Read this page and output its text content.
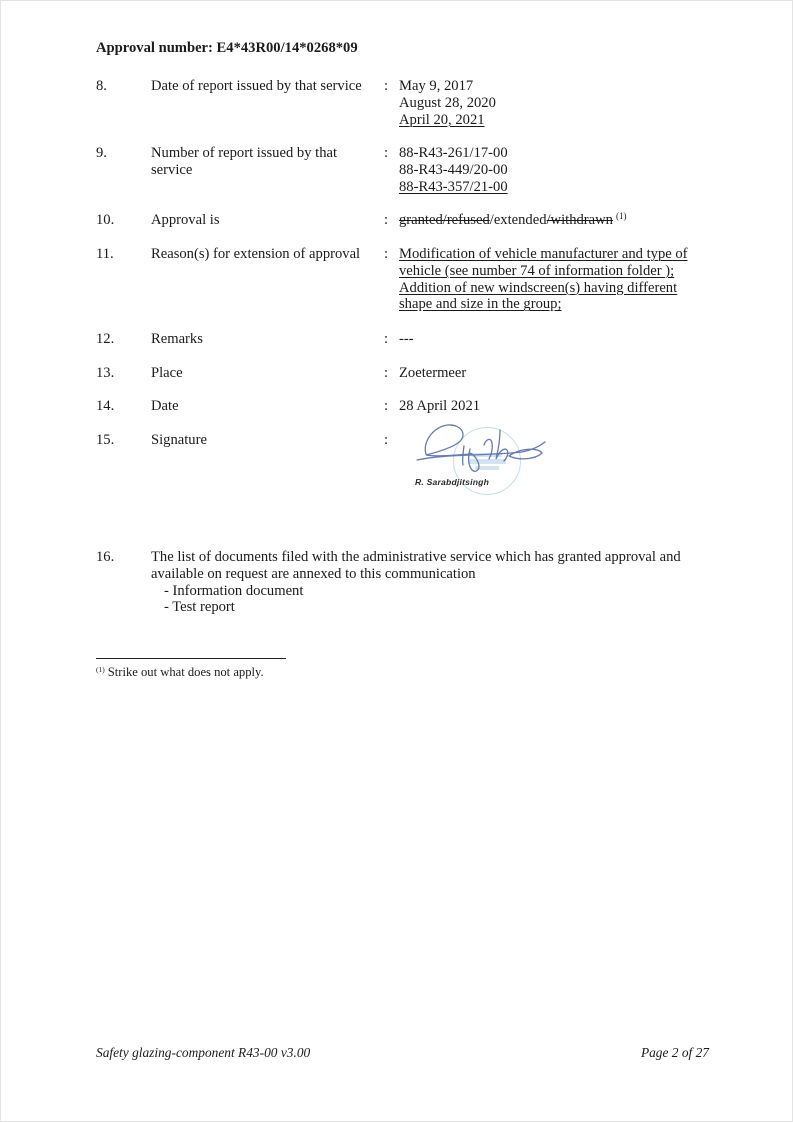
Approval number: E4*43R00/14*0268*09
8.	Date of report issued by that service	: May 9, 2017
August 28, 2020
April 20, 2021
9.	Number of report issued by that
service
: 88-R43-261/17-00
88-R43-449/20-00
88-R43-357/21-00
10.	Approval is	: granted/refused/extended/withdrawn $^{(1)}$
11.	Reason(s) for extension of approval	: Modification of vehicle manufacturer and type of
vehicle (see number 74 of information folder );
Addition of new windscreen(s) having different
shape and size in the group;
12.	Remarks	: ---
13.	Place	: Zoetermeer
14.	Date	: 28 April 2021
15.	Signature	:
R. Sarabdjitsingh
16.	The list of documents filed with the administrative service which has granted approval and
available on request are annexed to this communication
- Information document
- Test report
$^{(1)}$ Strike out what does not apply.
Safety glazing-component R43-00 v3.00	Page 2 of 27
